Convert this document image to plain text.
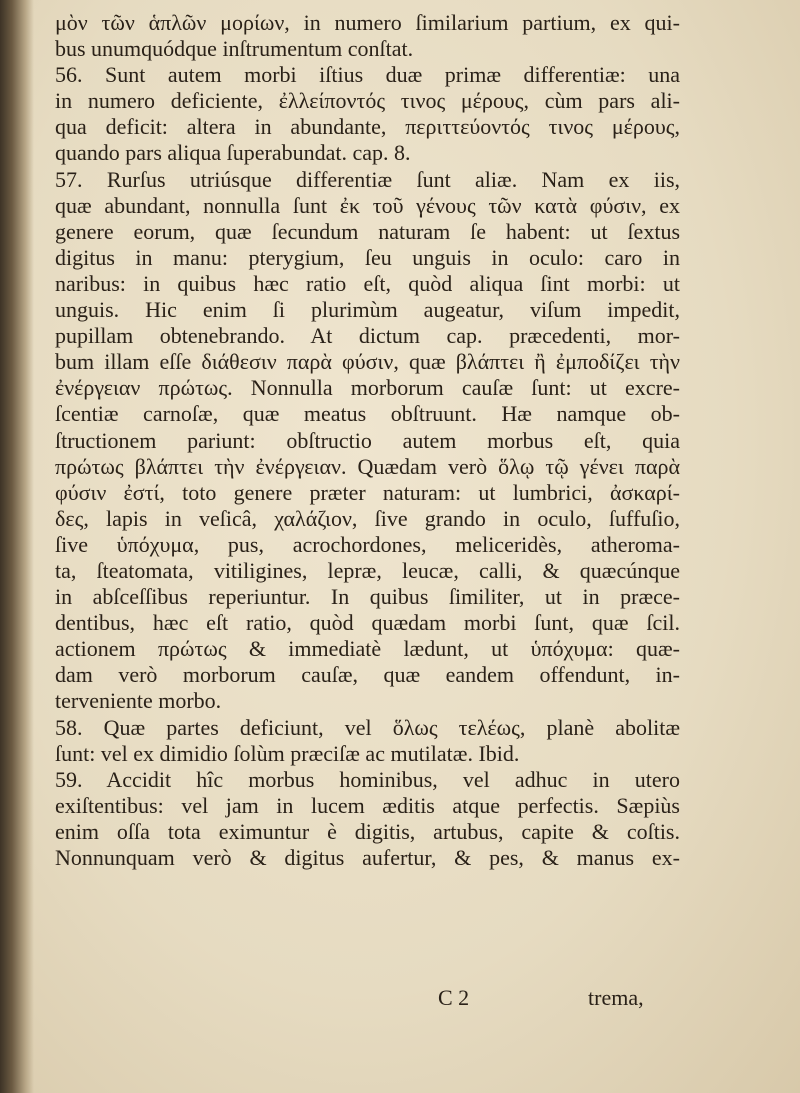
μὸν τῶν ἁπλῶν μορίων, in numero ſimilarium partium, ex qui-
bus unumquódque inſtrumentum conſtat.
56. Sunt autem morbi iſtius duæ primæ differentiæ: una
in numero deficiente, ἐλλείποντός τινος μέρους, cùm pars ali-
qua deficit: altera in abundante, περιττεύοντός τινος μέρους,
quando pars aliqua ſuperabundat. cap. 8.
57. Rurſus utriúsque differentiæ ſunt aliæ. Nam ex iis,
quæ abundant, nonnulla ſunt ἐκ τοῦ γένους τῶν κατὰ φύσιν, ex
genere eorum, quæ ſecundum naturam ſe habent: ut ſextus
digitus in manu: pterygium, ſeu unguis in oculo: caro in
naribus: in quibus hæc ratio eſt, quòd aliqua ſint morbi: ut
unguis. Hic enim ſi plurimùm augeatur, viſum impedit,
pupillam obtenebrando. At dictum cap. præcedenti, mor-
bum illam eſſe διάθεσιν παρὰ φύσιν, quæ βλάπτει ἢ ἐμποδίζει τὴν
ἐνέργειαν πρώτως. Nonnulla morborum cauſæ ſunt: ut excre-
ſcentiæ carnoſæ, quæ meatus obſtruunt. Hæ namque ob-
ſtructionem pariunt: obſtructio autem morbus eſt, quia
πρώτως βλάπτει τὴν ἐνέργειαν. Quædam verò ὅλῳ τῷ γένει παρὰ
φύσιν ἐστί, toto genere præter naturam: ut lumbrici, ἀσκαρί-
δες, lapis in veſicâ, χαλάζιον, ſive grando in oculo, ſuffuſio,
ſive ὑπόχυμα, pus, acrochordones, meliceridès, atheroma-
ta, ſteatomata, vitiligines, lepræ, leucæ, calli, & quæcúnque
in abſceſſibus reperiuntur. In quibus ſimiliter, ut in præce-
dentibus, hæc eſt ratio, quòd quædam morbi ſunt, quæ ſcil.
actionem πρώτως & immediatè lædunt, ut ὑπόχυμα: quæ-
dam verò morborum cauſæ, quæ eandem offendunt, in-
terveniente morbo.
58. Quæ partes deficiunt, vel ὅλως τελέως, planè abolitæ
ſunt: vel ex dimidio ſolùm præciſæ ac mutilatæ. Ibid.
59. Accidit hîc morbus hominibus, vel adhuc in utero
exiſtentibus: vel jam in lucem æditis atque perfectis. Sæpiùs
enim oſſa tota eximuntur è digitis, artubus, capite & coſtis.
Nonnunquam verò & digitus aufertur, & pes, & manus ex-
C 2	trema,
